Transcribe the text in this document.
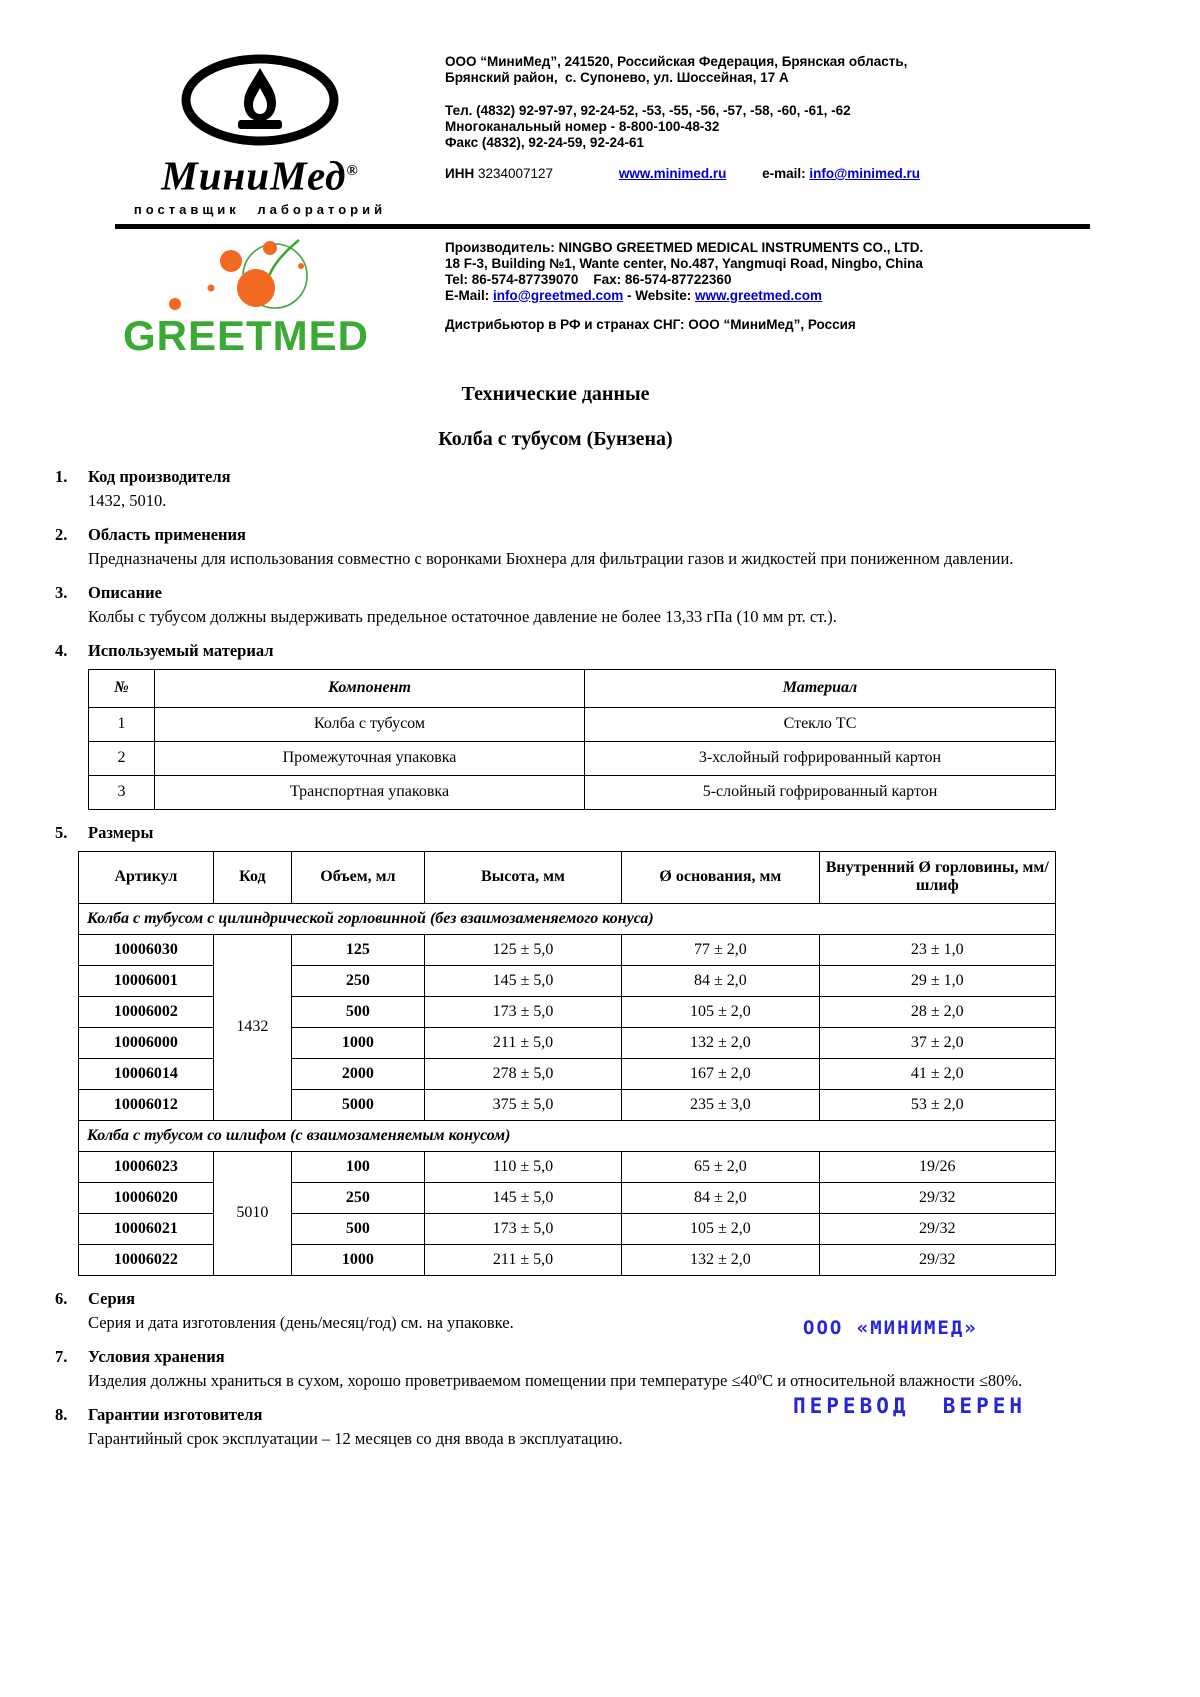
МиниМед®
поставщик лабораторий
ООО “МиниМед”, 241520, Российская Федерация, Брянская область,
Брянский район,  с. Супонево, ул. Шоссейная, 17 А
Тел. (4832) 92-97-97, 92-24-52, -53, -55, -56, -57, -58, -60, -61, -62
Многоканальный номер - 8-800-100-48-32
Факс (4832), 92-24-59, 92-24-61
ИНН 3234007127	www.minimed.ru	e-mail: info@minimed.ru
GREETMED
Производитель: NINGBO GREETMED MEDICAL INSTRUMENTS CO., LTD.
18 F-3, Building №1, Wante center, No.487, Yangmuqi Road, Ningbo, China
Tel: 86-574-87739070    Fax: 86-574-87722360
E-Mail: info@greetmed.com - Website: www.greetmed.com
Дистрибьютор в РФ и странах СНГ: ООО “МиниМед”, Россия
Технические данные
Колба с тубусом (Бунзена)
1.	Код производителя
1432, 5010.
2.	Область применения
Предназначены для использования совместно с воронками Бюхнера для фильтрации газов и жидкостей при пониженном давлении.
3.	Описание
Колбы с тубусом должны выдерживать предельное остаточное давление не более 13,33 гПа (10 мм рт. ст.).
4.	Используемый материал
№	Компонент	Материал
1	Колба с тубусом	Стекло ТС
2	Промежуточная упаковка	3-хслойный гофрированный картон
3	Транспортная упаковка	5-слойный гофрированный картон
5.	Размеры
Артикул	Код	Объем, мл	Высота, мм	Ø основания, мм	Внутренний Ø горловины, мм/шлиф
Колба с тубусом с цилиндрической горловинной (без взаимозаменяемого конуса)					
10006030	1432	125	125 ± 5,0	77 ± 2,0	23 ± 1,0
10006001		250	145 ± 5,0	84 ± 2,0	29 ± 1,0
10006002		500	173 ± 5,0	105 ± 2,0	28 ± 2,0
10006000		1000	211 ± 5,0	132 ± 2,0	37 ± 2,0
10006014		2000	278 ± 5,0	167 ± 2,0	41 ± 2,0
10006012		5000	375 ± 5,0	235 ± 3,0	53 ± 2,0
Колба с тубусом со шлифом (с взаимозаменяемым конусом)					
10006023	5010	100	110 ± 5,0	65 ± 2,0	19/26
10006020		250	145 ± 5,0	84 ± 2,0	29/32
10006021		500	173 ± 5,0	105 ± 2,0	29/32
10006022		1000	211 ± 5,0	132 ± 2,0	29/32
6.	Серия
Серия и дата изготовления (день/месяц/год) см. на упаковке.

	ООО «МИНИМЕД»

ПЕРЕВОД  ВЕРЕН

7.	Условия хранения
Изделия должны храниться в сухом, хорошо проветриваемом помещении при температуре ≤40ºС и относительной влажности ≤80%.
8.	Гарантии изготовителя
Гарантийный срок эксплуатации – 12 месяцев со дня ввода в эксплуатацию.
